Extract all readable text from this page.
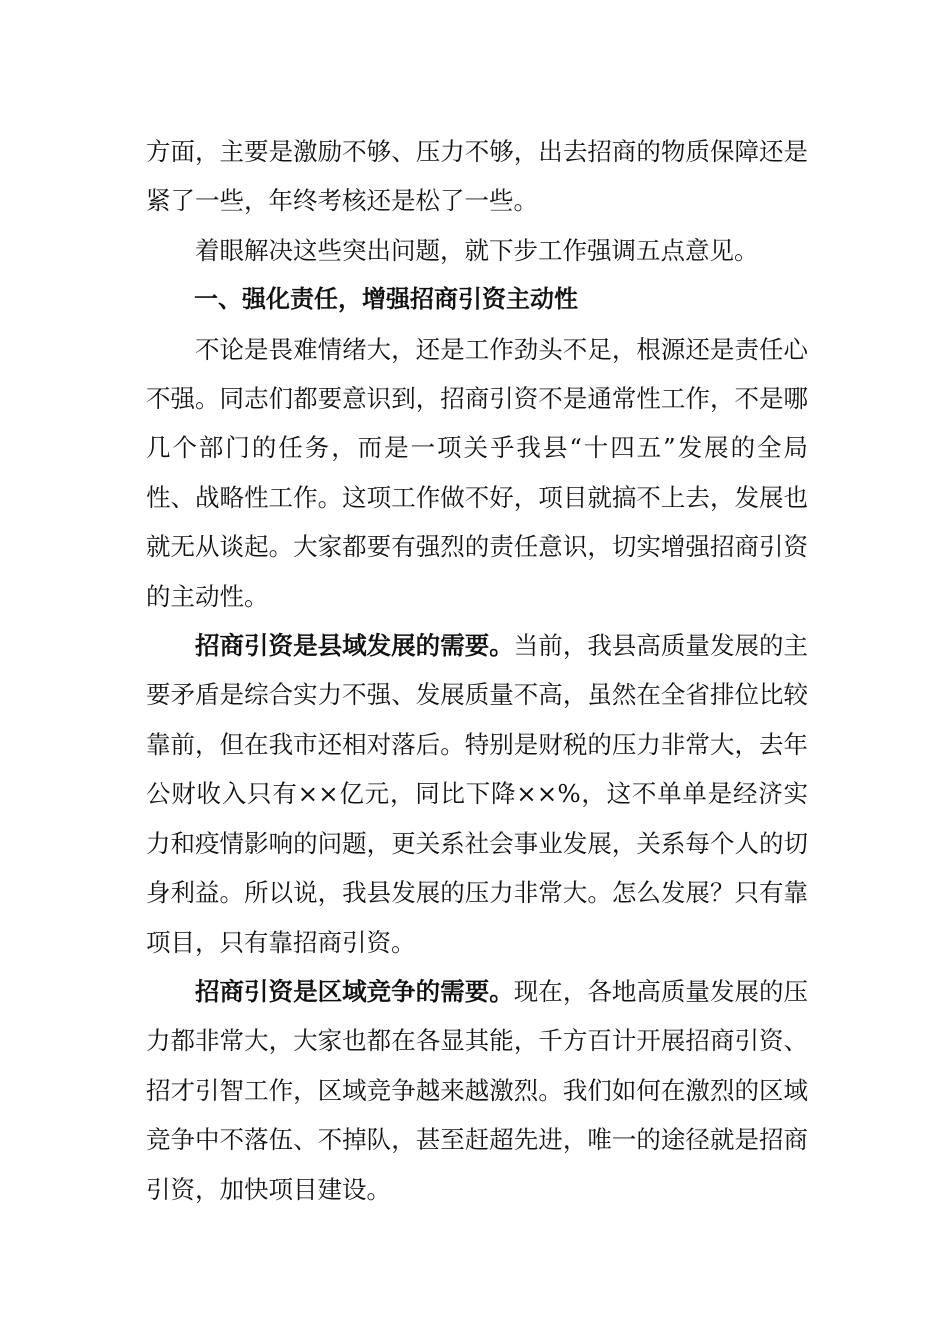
方面，主要是激励不够、压力不够，出去招商的物质保障还是紧了一些，年终考核还是松了一些。

着眼解决这些突出问题，就下步工作强调五点意见。

一、强化责任，增强招商引资主动性

不论是畏难情绪大，还是工作劲头不足，根源还是责任心不强。同志们都要意识到，招商引资不是通常性工作，不是哪几个部门的任务，而是一项关乎我县“十四五”发展的全局性、战略性工作。这项工作做不好，项目就搞不上去，发展也就无从谈起。大家都要有强烈的责任意识，切实增强招商引资的主动性。

招商引资是县域发展的需要。当前，我县高质量发展的主要矛盾是综合实力不强、发展质量不高，虽然在全省排位比较靠前，但在我市还相对落后。特别是财税的压力非常大，去年公财收入只有××亿元，同比下降××%，这不单单是经济实力和疫情影响的问题，更关系社会事业发展，关系每个人的切身利益。所以说，我县发展的压力非常大。怎么发展？只有靠项目，只有靠招商引资。

招商引资是区域竞争的需要。现在，各地高质量发展的压力都非常大，大家也都在各显其能，千方百计开展招商引资、招才引智工作，区域竞争越来越激烈。我们如何在激烈的区域竞争中不落伍、不掉队，甚至赶超先进，唯一的途径就是招商引资，加快项目建设。
